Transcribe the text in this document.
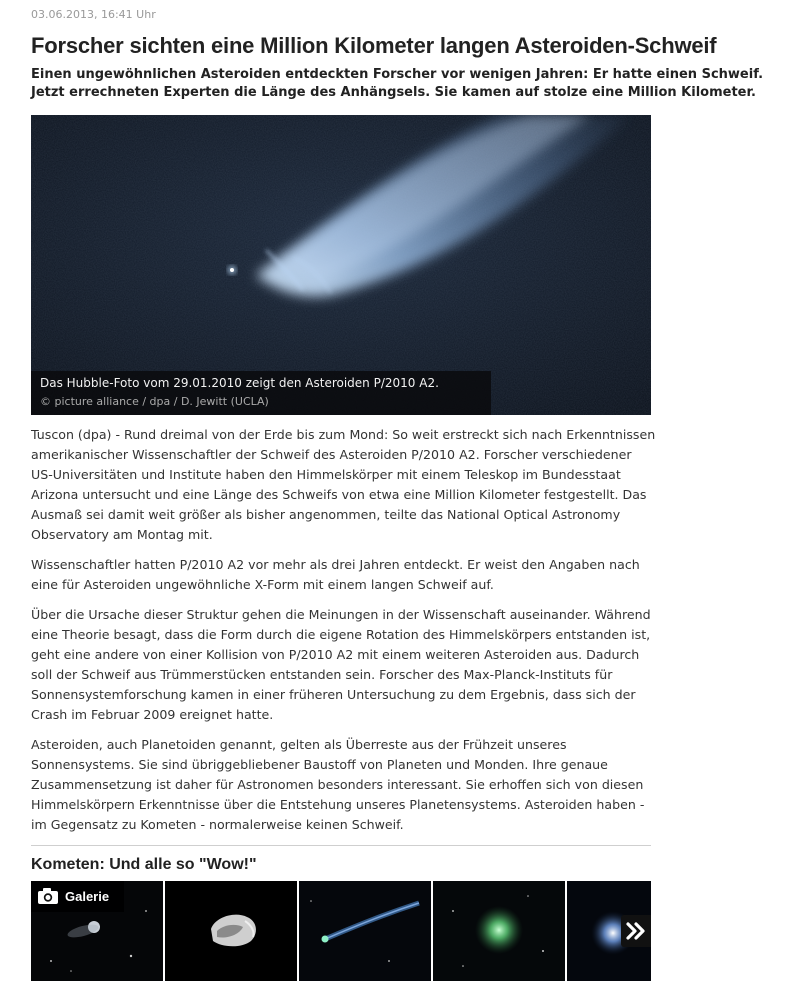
03.06.2013, 16:41 Uhr
Forscher sichten eine Million Kilometer langen Asteroiden-Schweif

Einen ungewöhnlichen Asteroiden entdeckten Forscher vor wenigen Jahren: Er hatte einen Schweif. Jetzt errechneten Experten die Länge des Anhängsels. Sie kamen auf stolze eine Million Kilometer.

Das Hubble-Foto vom 29.01.2010 zeigt den Asteroiden P/2010 A2.
© picture alliance / dpa / D. Jewitt (UCLA)

Tuscon (dpa) - Rund dreimal von der Erde bis zum Mond: So weit erstreckt sich nach Erkenntnissen amerikanischer Wissenschaftler der Schweif des Asteroiden P/2010 A2. Forscher verschiedener US-Universitäten und Institute haben den Himmelskörper mit einem Teleskop im Bundesstaat Arizona untersucht und eine Länge des Schweifs von etwa eine Million Kilometer festgestellt. Das Ausmaß sei damit weit größer als bisher angenommen, teilte das National Optical Astronomy Observatory am Montag mit.

Wissenschaftler hatten P/2010 A2 vor mehr als drei Jahren entdeckt. Er weist den Angaben nach eine für Asteroiden ungewöhnliche X-Form mit einem langen Schweif auf.

Über die Ursache dieser Struktur gehen die Meinungen in der Wissenschaft auseinander. Während eine Theorie besagt, dass die Form durch die eigene Rotation des Himmelskörpers entstanden ist, geht eine andere von einer Kollision von P/2010 A2 mit einem weiteren Asteroiden aus. Dadurch soll der Schweif aus Trümmerstücken entstanden sein. Forscher des Max-Planck-Instituts für Sonnensystemforschung kamen in einer früheren Untersuchung zu dem Ergebnis, dass sich der Crash im Februar 2009 ereignet hatte.

Asteroiden, auch Planetoiden genannt, gelten als Überreste aus der Frühzeit unseres Sonnensystems. Sie sind übriggebliebener Baustoff von Planeten und Monden. Ihre genaue Zusammensetzung ist daher für Astronomen besonders interessant. Sie erhoffen sich von diesen Himmelskörpern Erkenntnisse über die Entstehung unseres Planetensystems. Asteroiden haben - im Gegensatz zu Kometen - normalerweise keinen Schweif.

Kometen: Und alle so "Wow!"
Galerie
